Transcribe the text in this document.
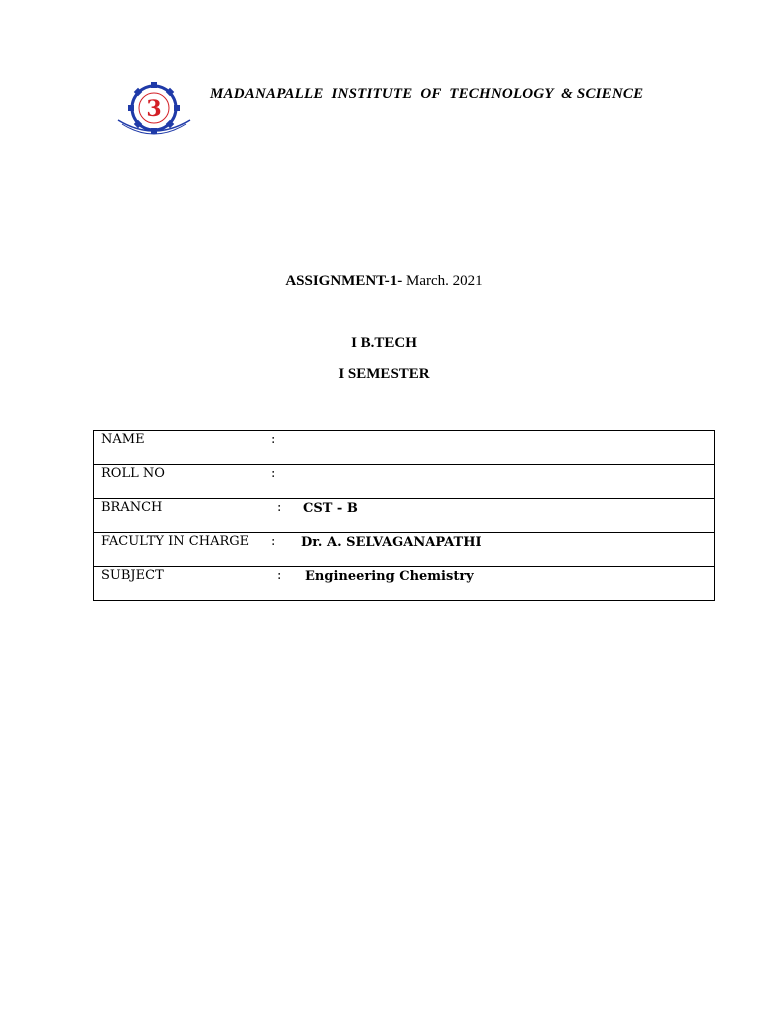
3
MADANAPALLE  INSTITUTE  OF  TECHNOLOGY  & SCIENCE
ASSIGNMENT-1- March. 2021
I B.TECH
I SEMESTER
NAME	:	
ROLL NO	:	
BRANCH	:	CST - B
FACULTY IN CHARGE	:	Dr. A. SELVAGANAPATHI
SUBJECT	:	Engineering Chemistry
